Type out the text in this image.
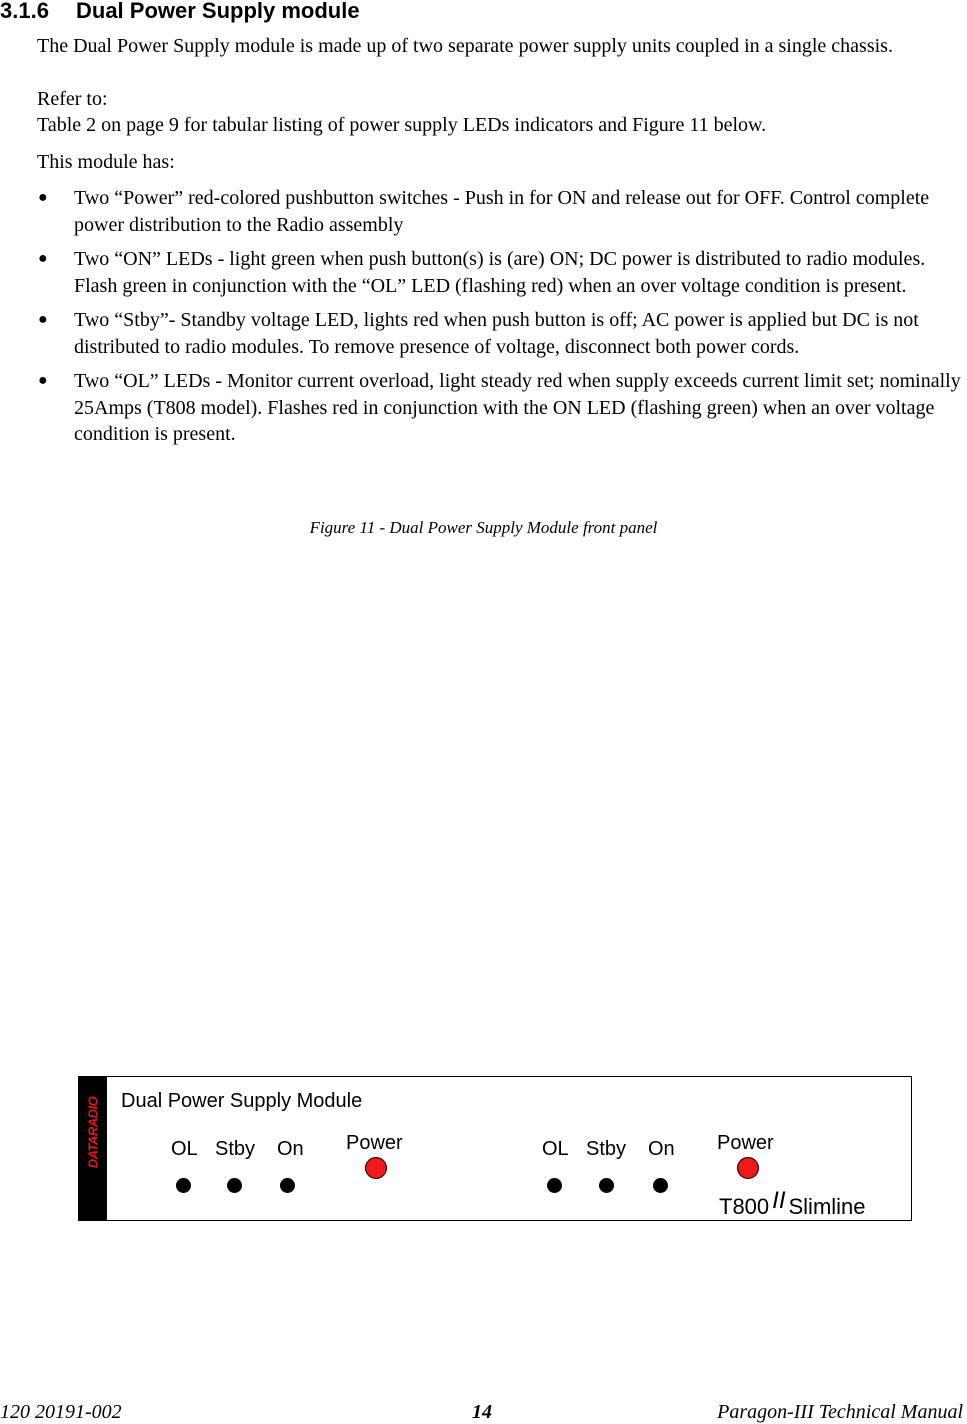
3.1.6 Dual Power Supply module
The Dual Power Supply module is made up of two separate power supply units coupled in a single chassis.
Refer to:
Table 2 on page 9 for tabular listing of power supply LEDs indicators and Figure 11 below.
This module has:
● Two “Power” red-colored pushbutton switches - Push in for ON and release out for OFF. Control complete power distribution to the Radio assembly
● Two “ON” LEDs - light green when push button(s) is (are) ON; DC power is distributed to radio modules. Flash green in conjunction with the “OL” LED (flashing red) when an over voltage condition is present.
● Two “Stby”- Standby voltage LED, lights red when push button is off; AC power is applied but DC is not distributed to radio modules. To remove presence of voltage, disconnect both power cords.
● Two “OL” LEDs - Monitor current overload, light steady red when supply exceeds current limit set; nominally 25Amps (T808 model). Flashes red in conjunction with the ON LED (flashing green) when an over voltage condition is present.
Figure 11 - Dual Power Supply Module front panel
DATARADIO Dual Power Supply Module
OL Stby On Power	OL Stby On Power
T800 II Slimline
120 20191-002	14	Paragon-III Technical Manual
